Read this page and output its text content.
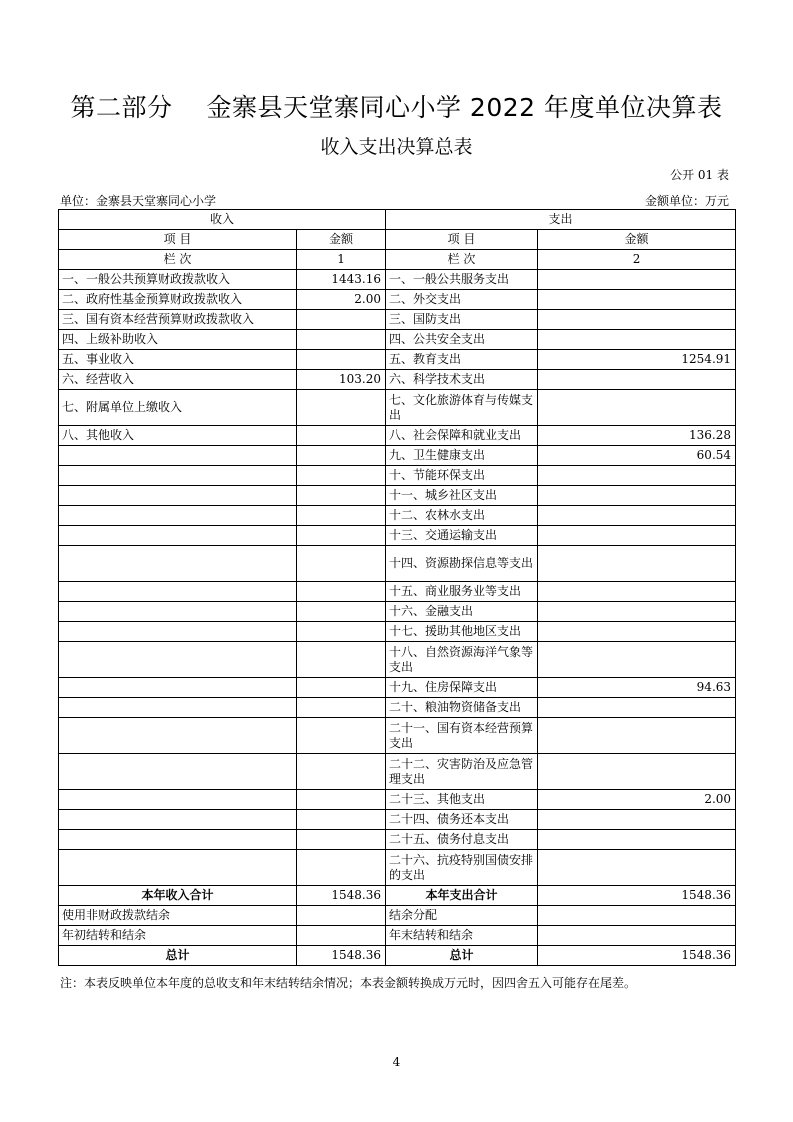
第二部分　 金寨县天堂寨同心小学 2022 年度单位决算表
收入支出决算总表
公开 01 表
单位：金寨县天堂寨同心小学	金额单位：万元
收入		支出	
项 目	金额	项 目	金额
栏 次	1	栏 次	2
一、一般公共预算财政拨款收入	1443.16	一、一般公共服务支出	
二、政府性基金预算财政拨款收入	2.00	二、外交支出	
三、国有资本经营预算财政拨款收入		三、国防支出	
四、上级补助收入		四、公共安全支出	
五、事业收入		五、教育支出	1254.91
六、经营收入	103.20	六、科学技术支出	
七、附属单位上缴收入		七、文化旅游体育与传媒支出	
八、其他收入		八、社会保障和就业支出	136.28
		九、卫生健康支出	60.54
		十、节能环保支出	
		十一、城乡社区支出	
		十二、农林水支出	
		十三、交通运输支出	
		十四、资源勘探信息等支出	
		十五、商业服务业等支出	
		十六、金融支出	
		十七、援助其他地区支出	
		十八、自然资源海洋气象等支出	
		十九、住房保障支出	94.63
		二十、粮油物资储备支出	
		二十一、国有资本经营预算支出	
		二十二、灾害防治及应急管理支出	
		二十三、其他支出	2.00
		二十四、债务还本支出	
		二十五、债务付息支出	
		二十六、抗疫特别国债安排的支出	
本年收入合计	1548.36	本年支出合计	1548.36
使用非财政拨款结余		结余分配	
年初结转和结余		年末结转和结余	
总计	1548.36	总计	1548.36
注：本表反映单位本年度的总收支和年末结转结余情况；本表金额转换成万元时，因四舍五入可能存在尾差。
4
